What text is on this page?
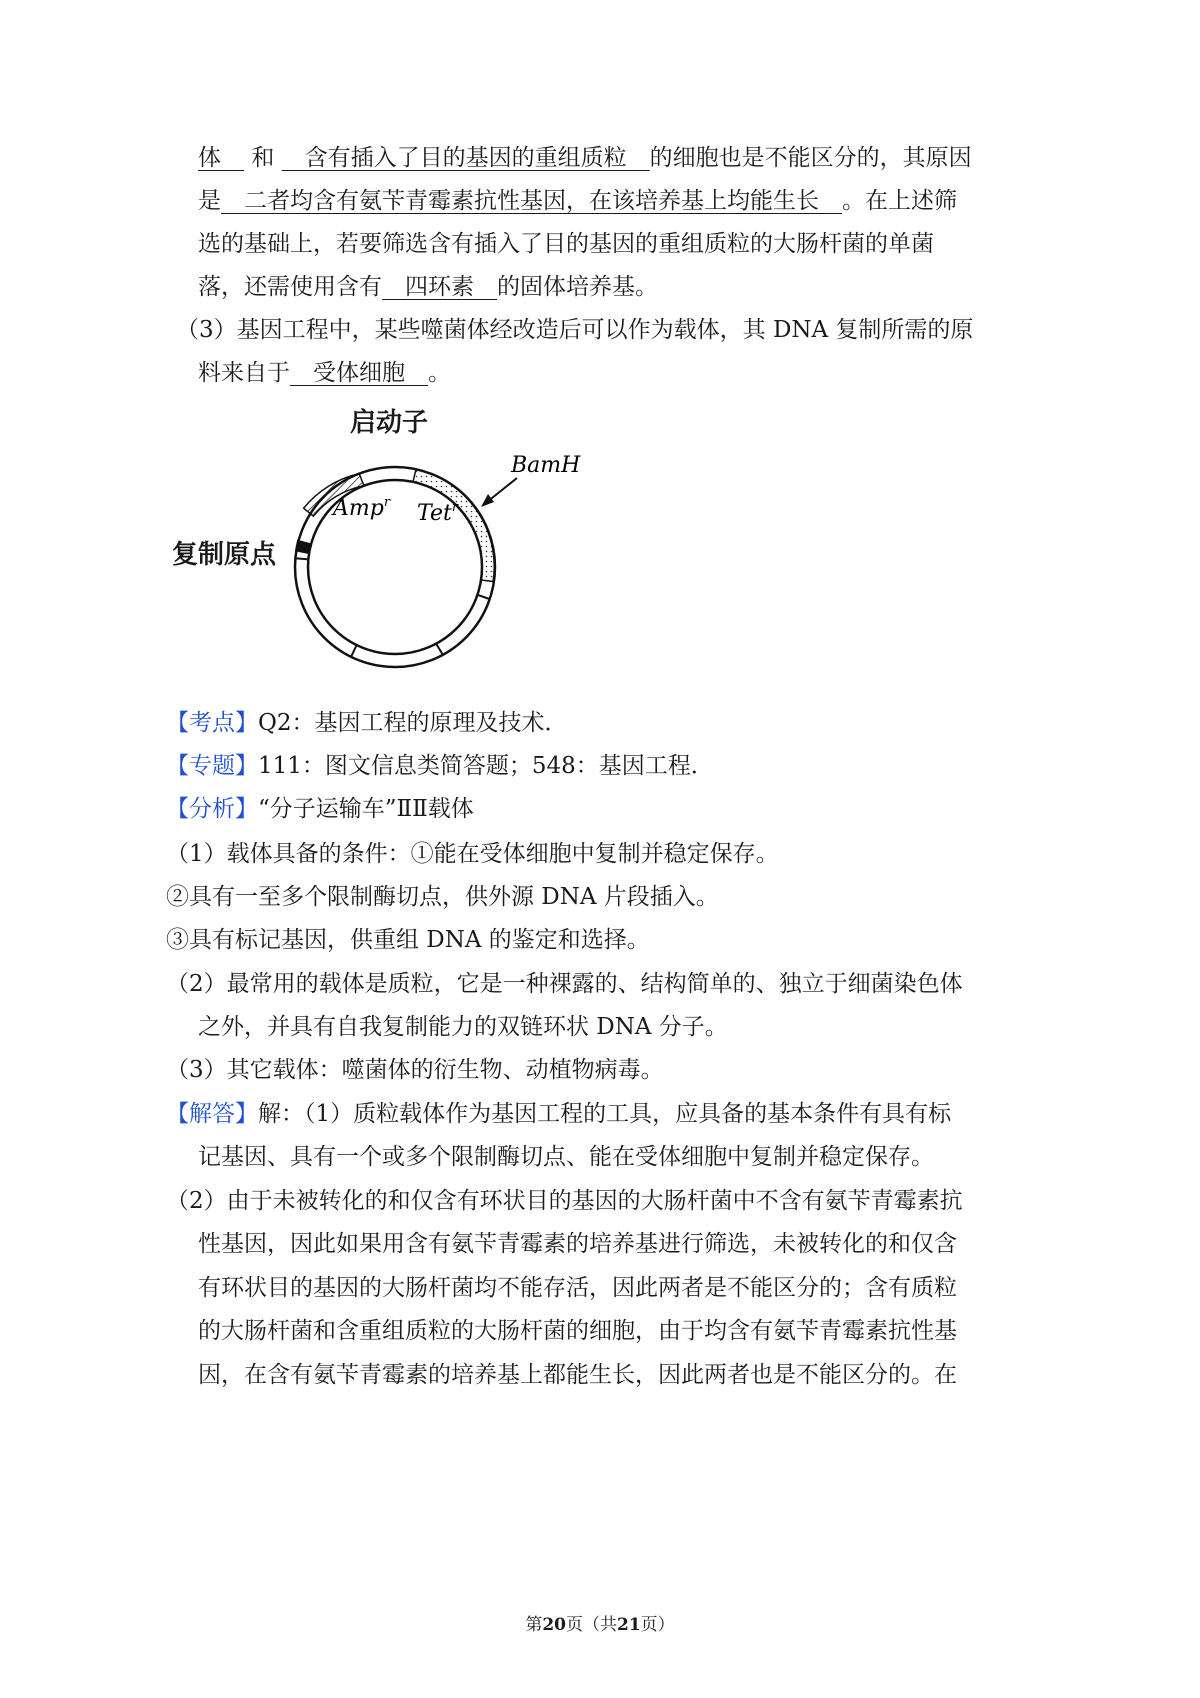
体　 和 　 含有插入了目的基因的重组质粒　 的细胞也是不能区分的，其原因
是　 二者均含有氨苄青霉素抗性基因，在该培养基上均能生长　 。在上述筛
选的基础上，若要筛选含有插入了目的基因的重组质粒的大肠杆菌的单菌
落，还需使用含有　 四环素　 的固体培养基。
（3）基因工程中，某些噬菌体经改造后可以作为载体，其 DNA 复制所需的原
料来自于　 受体细胞　 。
BamH
Amp$^r$ Tet$^r$
启动子
复制原点
【考点】Q2：基因工程的原理及技术．
【专题】111：图文信息类简答题；548：基因工程．
【分析】“分子运输车”ⅡⅡ载体
（1）载体具备的条件：①能在受体细胞中复制并稳定保存。
②具有一至多个限制酶切点，供外源 DNA 片段插入。
③具有标记基因，供重组 DNA 的鉴定和选择。
（2）最常用的载体是质粒，它是一种裸露的、结构简单的、独立于细菌染色体
之外，并具有自我复制能力的双链环状 DNA 分子。
（3）其它载体：噬菌体的衍生物、动植物病毒。
【解答】解：（1）质粒载体作为基因工程的工具，应具备的基本条件有具有标
记基因、具有一个或多个限制酶切点、能在受体细胞中复制并稳定保存。
（2）由于未被转化的和仅含有环状目的基因的大肠杆菌中不含有氨苄青霉素抗
性基因，因此如果用含有氨苄青霉素的培养基进行筛选，未被转化的和仅含
有环状目的基因的大肠杆菌均不能存活，因此两者是不能区分的；含有质粒
的大肠杆菌和含重组质粒的大肠杆菌的细胞，由于均含有氨苄青霉素抗性基
因，在含有氨苄青霉素的培养基上都能生长，因此两者也是不能区分的。在
第20页（共21页）
